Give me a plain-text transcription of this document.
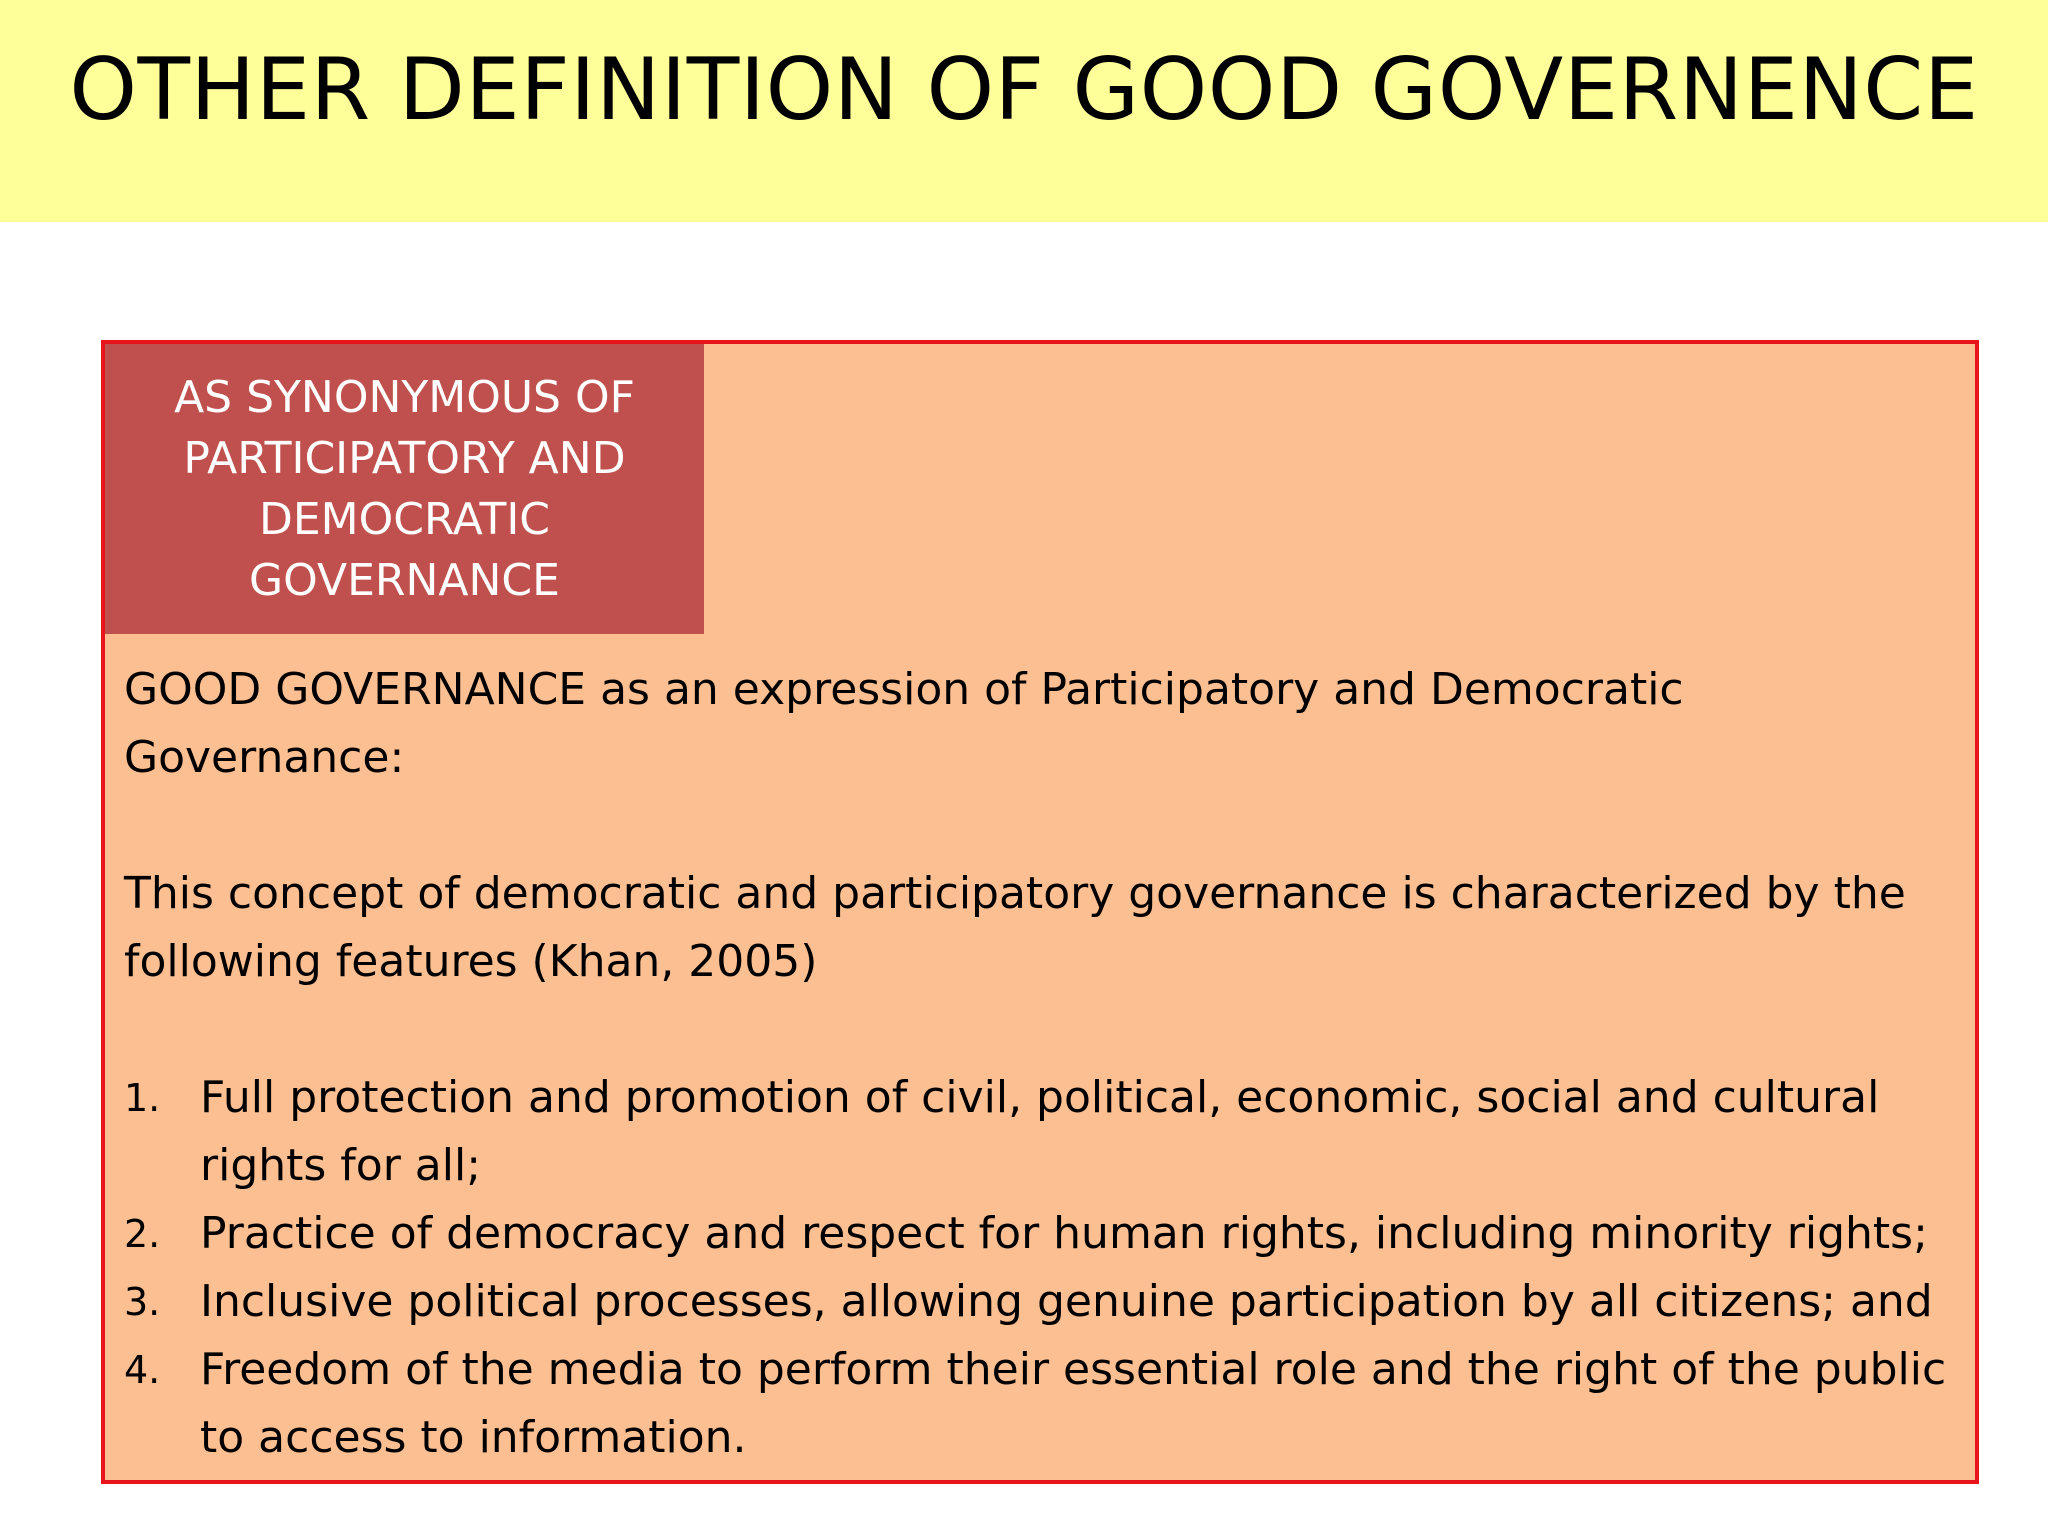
OTHER DEFINITION OF GOOD GOVERNENCE
AS SYNONYMOUS OF
PARTICIPATORY AND
DEMOCRATIC
GOVERNANCE
GOOD GOVERNANCE as an expression of Participatory and Democratic
Governance:
This concept of democratic and participatory governance is characterized by the
following features (Khan, 2005)
1. Full protection and promotion of civil, political, economic, social and cultural
rights for all;
2. Practice of democracy and respect for human rights, including minority rights;
3. Inclusive political processes, allowing genuine participation by all citizens; and
4. Freedom of the media to perform their essential role and the right of the public
to access to information.
